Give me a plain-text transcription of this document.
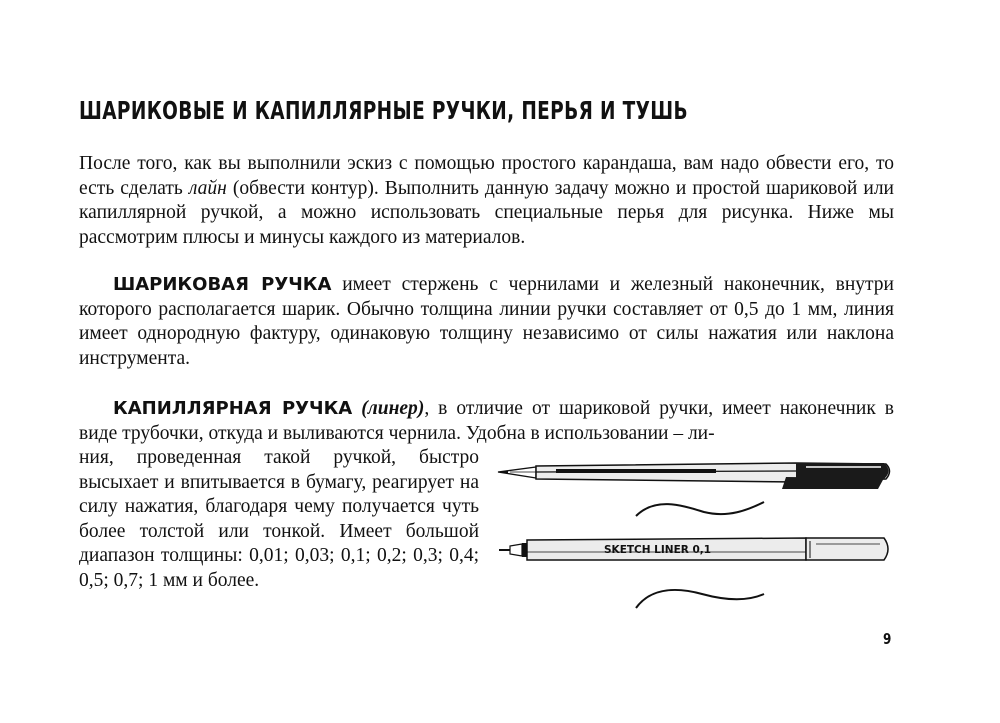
ШАРИКОВЫЕ И КАПИЛЛЯРНЫЕ РУЧКИ, ПЕРЬЯ И ТУШЬ

После того, как вы выполнили эскиз с помощью простого карандаша, вам надо обвести его, то есть сделать лайн (обвести контур). Выполнить данную задачу можно и простой шариковой или капиллярной ручкой, а можно использовать специальные перья для рисунка. Ниже мы рассмотрим плюсы и минусы каждого из материалов.

ШАРИКОВАЯ РУЧКА имеет стержень с чернилами и железный наконечник, внутри которого располагается шарик. Обычно толщина линии ручки составляет от 0,5 до 1 мм, линия имеет однородную фактуру, одинаковую толщину независимо от силы нажатия или наклона инструмента.

КАПИЛЛЯРНАЯ РУЧКА (линер), в отличие от шариковой ручки, имеет наконечник в виде трубочки, откуда и выливаются чернила. Удобна в использовании – ли-

ния, проведенная такой ручкой, быстро высыхает и впитывается в бумагу, реагирует на силу нажатия, благодаря чему получается чуть более толстой или тонкой. Имеет большой диапазон толщины: 0,01; 0,03; 0,1; 0,2; 0,3; 0,4; 0,5; 0,7; 1 мм и более.

SKETCH LINER 0,1
9
